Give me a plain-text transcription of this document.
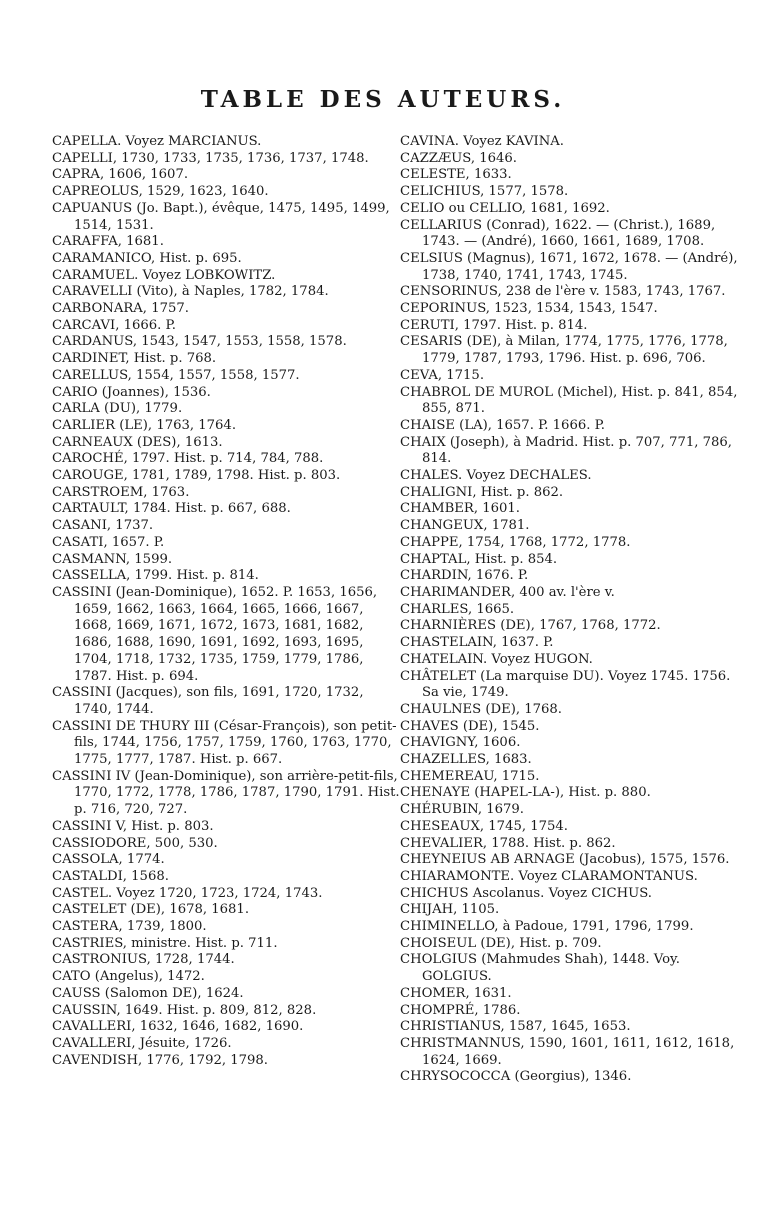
TABLE DES AUTEURS.

CAPELLA. Voyez MARCIANUS.

CAPELLI, 1730, 1733, 1735, 1736, 1737, 1748.

CAPRA, 1606, 1607.

CAPREOLUS, 1529, 1623, 1640.

CAPUANUS (Jo. Bapt.), évêque, 1475, 1495, 1499, 1514, 1531.

CARAFFA, 1681.

CARAMANICO, Hist. p. 695.

CARAMUEL. Voyez LOBKOWITZ.

CARAVELLI (Vito), à Naples, 1782, 1784.

CARBONARA, 1757.

CARCAVI, 1666. P.

CARDANUS, 1543, 1547, 1553, 1558, 1578.

CARDINET, Hist. p. 768.

CARELLUS, 1554, 1557, 1558, 1577.

CARIO (Joannes), 1536.

CARLA (DU), 1779.

CARLIER (LE), 1763, 1764.

CARNEAUX (DES), 1613.

CAROCHÉ, 1797. Hist. p. 714, 784, 788.

CAROUGE, 1781, 1789, 1798. Hist. p. 803.

CARSTROEM, 1763.

CARTAULT, 1784. Hist. p. 667, 688.

CASANI, 1737.

CASATI, 1657. P.

CASMANN, 1599.

CASSELLA, 1799. Hist. p. 814.

CASSINI (Jean-Dominique), 1652. P. 1653, 1656, 1659, 1662, 1663, 1664, 1665, 1666, 1667, 1668, 1669, 1671, 1672, 1673, 1681, 1682, 1686, 1688, 1690, 1691, 1692, 1693, 1695, 1704, 1718, 1732, 1735, 1759, 1779, 1786, 1787. Hist. p. 694.

CASSINI (Jacques), son fils, 1691, 1720, 1732, 1740, 1744.

CASSINI DE THURY III (César-François), son petit-fils, 1744, 1756, 1757, 1759, 1760, 1763, 1770, 1775, 1777, 1787. Hist. p. 667.

CASSINI IV (Jean-Dominique), son arrière-petit-fils, 1770, 1772, 1778, 1786, 1787, 1790, 1791. Hist. p. 716, 720, 727.

CASSINI V, Hist. p. 803.

CASSIODORE, 500, 530.

CASSOLA, 1774.

CASTALDI, 1568.

CASTEL. Voyez 1720, 1723, 1724, 1743.

CASTELET (DE), 1678, 1681.

CASTERA, 1739, 1800.

CASTRIES, ministre. Hist. p. 711.

CASTRONIUS, 1728, 1744.

CATO (Angelus), 1472.

CAUSS (Salomon DE), 1624.

CAUSSIN, 1649. Hist. p. 809, 812, 828.

CAVALLERI, 1632, 1646, 1682, 1690.

CAVALLERI, Jésuite, 1726.

CAVENDISH, 1776, 1792, 1798.

CAVINA. Voyez KAVINA.

CAZZÆUS, 1646.

CELESTE, 1633.

CELICHIUS, 1577, 1578.

CELIO ou CELLIO, 1681, 1692.

CELLARIUS (Conrad), 1622. — (Christ.), 1689, 1743. — (André), 1660, 1661, 1689, 1708.

CELSIUS (Magnus), 1671, 1672, 1678. — (André), 1738, 1740, 1741, 1743, 1745.

CENSORINUS, 238 de l'ère v. 1583, 1743, 1767.

CEPORINUS, 1523, 1534, 1543, 1547.

CERUTI, 1797. Hist. p. 814.

CESARIS (DE), à Milan, 1774, 1775, 1776, 1778, 1779, 1787, 1793, 1796. Hist. p. 696, 706.

CEVA, 1715.

CHABROL DE MUROL (Michel), Hist. p. 841, 854, 855, 871.

CHAISE (LA), 1657. P. 1666. P.

CHAIX (Joseph), à Madrid. Hist. p. 707, 771, 786, 814.

CHALES. Voyez DECHALES.

CHALIGNI, Hist. p. 862.

CHAMBER, 1601.

CHANGEUX, 1781.

CHAPPE, 1754, 1768, 1772, 1778.

CHAPTAL, Hist. p. 854.

CHARDIN, 1676. P.

CHARIMANDER, 400 av. l'ère v.

CHARLES, 1665.

CHARNIÈRES (DE), 1767, 1768, 1772.

CHASTELAIN, 1637. P.

CHATELAIN. Voyez HUGON.

CHÂTELET (La marquise DU). Voyez 1745. 1756. Sa vie, 1749.

CHAULNES (DE), 1768.

CHAVES (DE), 1545.

CHAVIGNY, 1606.

CHAZELLES, 1683.

CHEMEREAU, 1715.

CHENAYE (HAPEL-LA-), Hist. p. 880.

CHÉRUBIN, 1679.

CHESEAUX, 1745, 1754.

CHEVALIER, 1788. Hist. p. 862.

CHEYNEIUS AB ARNAGE (Jacobus), 1575, 1576.

CHIARAMONTE. Voyez CLARAMONTANUS.

CHICHUS Ascolanus. Voyez CICHUS.

CHIJAH, 1105.

CHIMINELLO, à Padoue, 1791, 1796, 1799.

CHOISEUL (DE), Hist. p. 709.

CHOLGIUS (Mahmudes Shah), 1448. Voy. GOLGIUS.

CHOMER, 1631.

CHOMPRÉ, 1786.

CHRISTIANUS, 1587, 1645, 1653.

CHRISTMANNUS, 1590, 1601, 1611, 1612, 1618, 1624, 1669.

CHRYSOCOCCA (Georgius), 1346.
